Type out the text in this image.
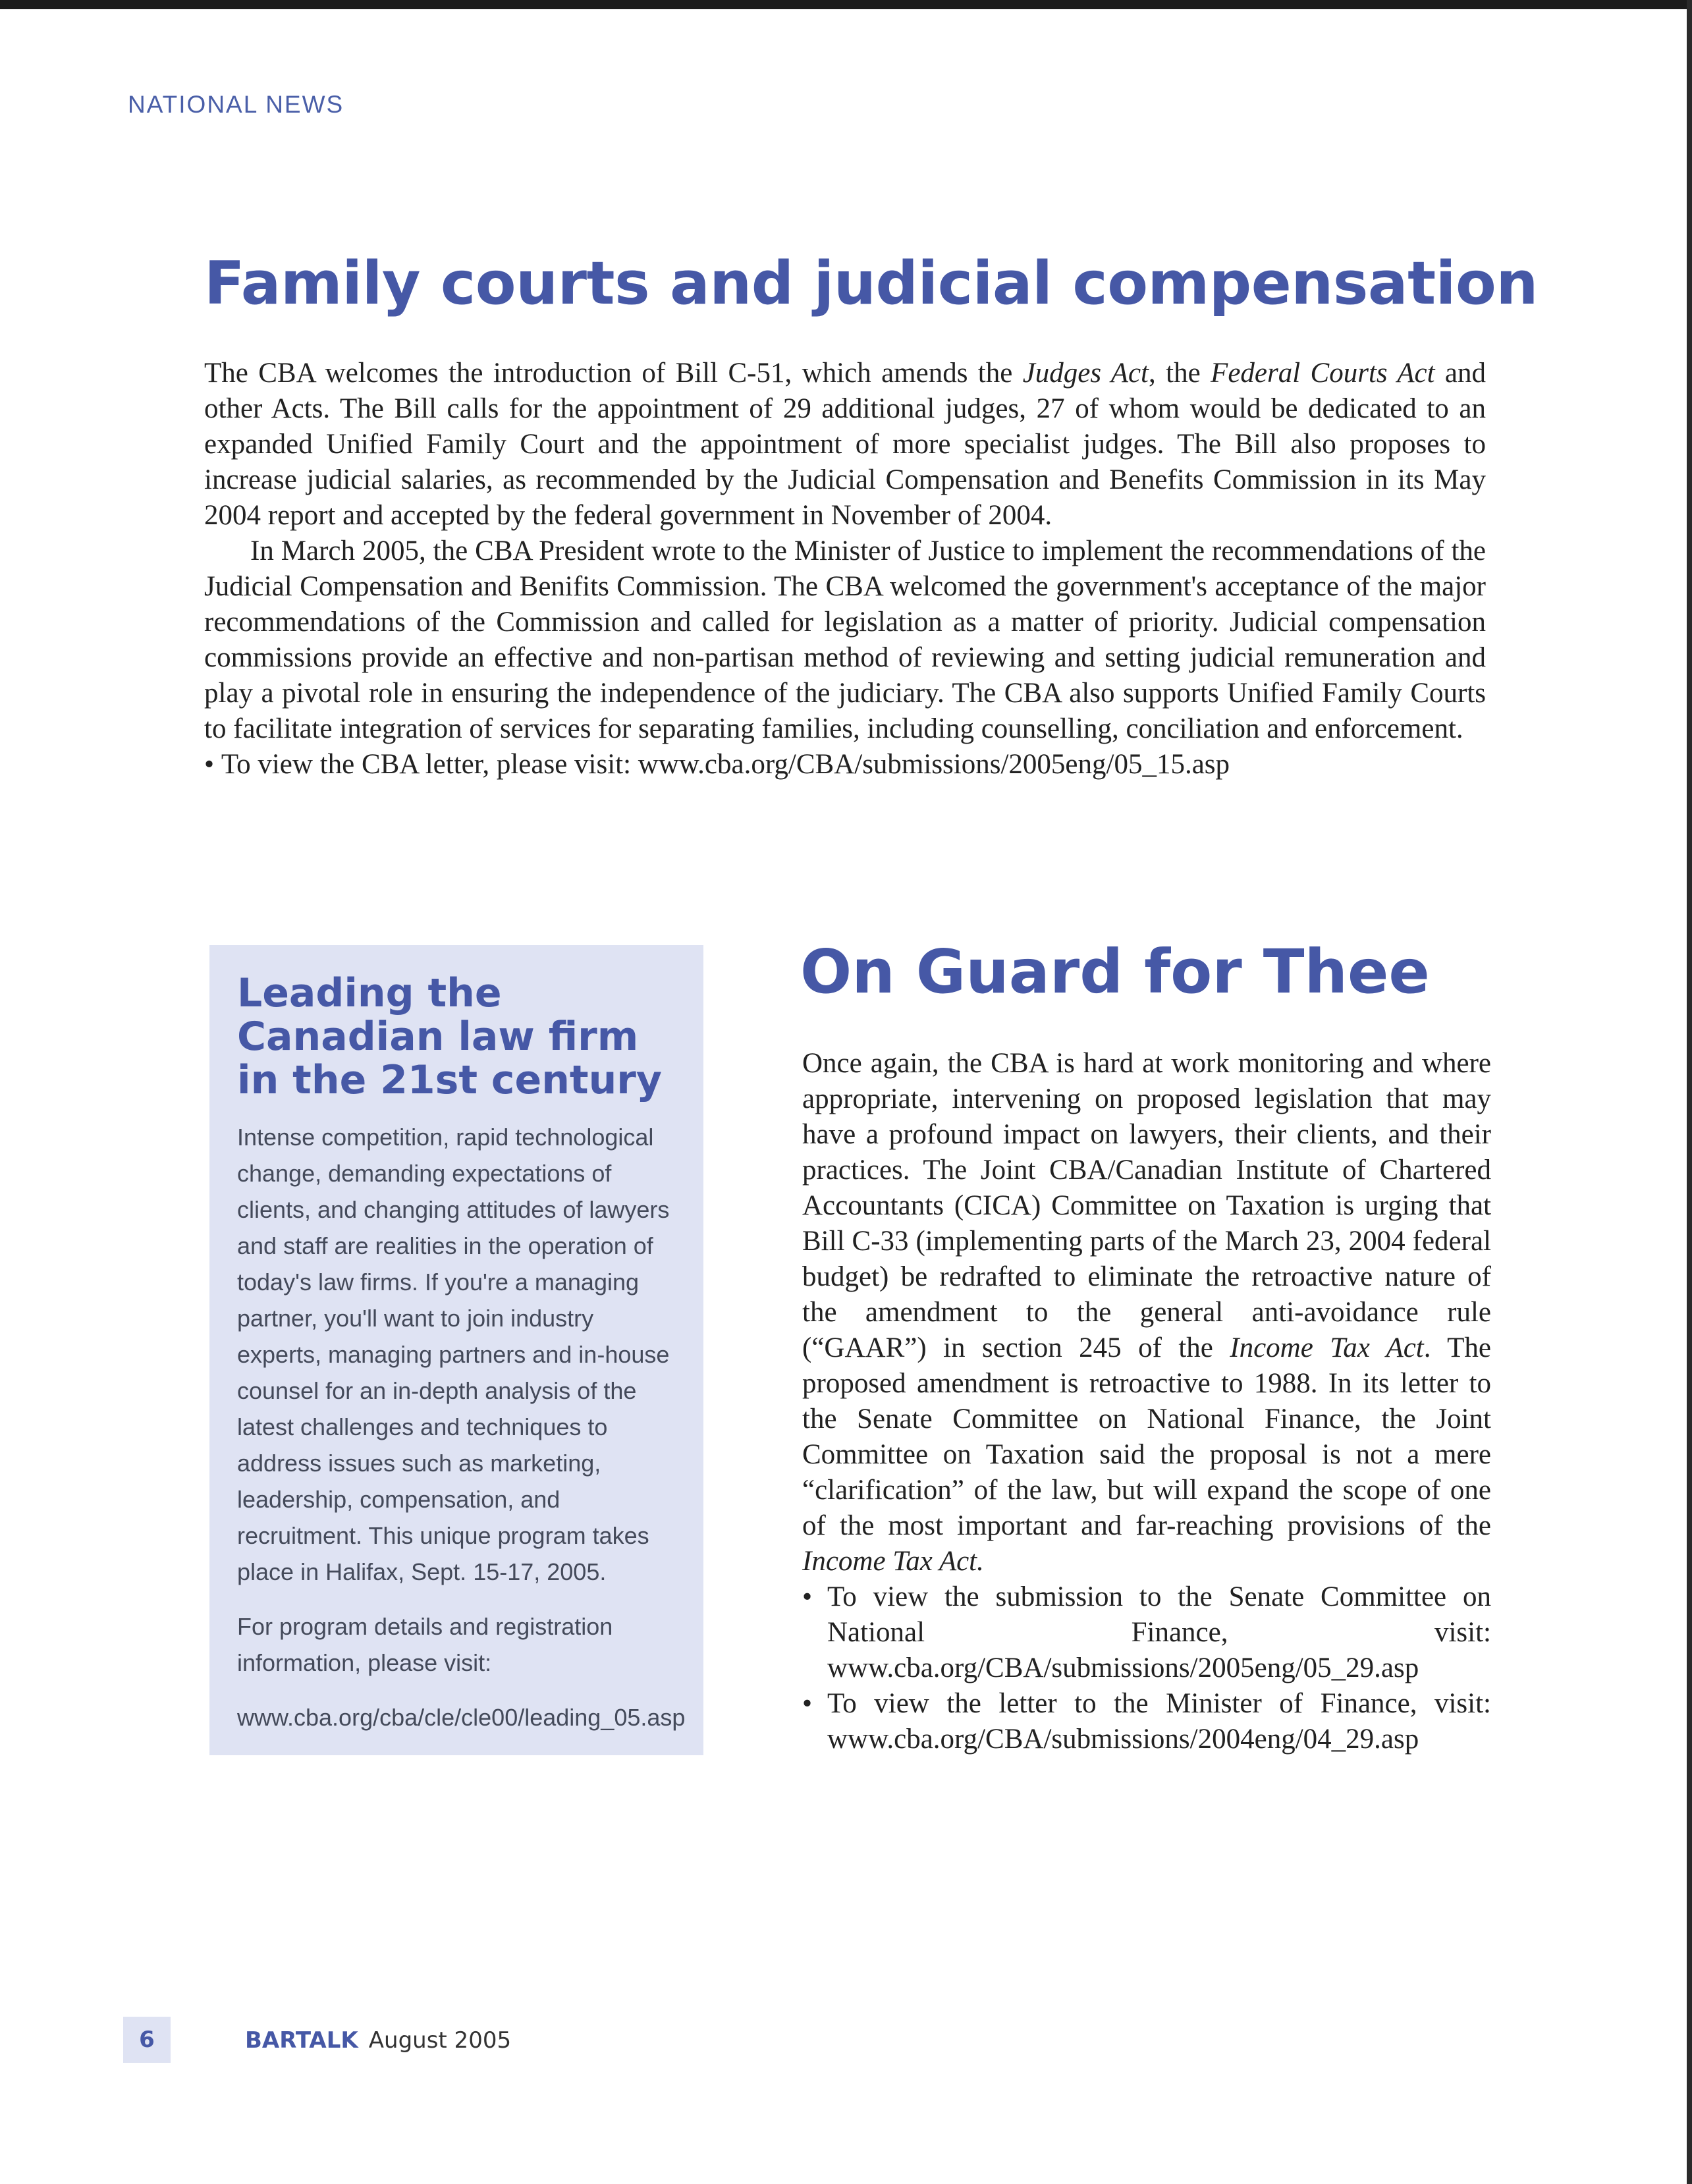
NATIONAL NEWS
Family courts and judicial compensation

The CBA welcomes the introduction of Bill C-51, which amends the Judges Act, the Federal Courts Act and other Acts. The Bill calls for the appointment of 29 additional judges, 27 of whom would be dedicated to an expanded Unified Family Court and the appointment of more specialist judges. The Bill also proposes to increase judicial salaries, as recommended by the Judicial Compensation and Benefits Commission in its May 2004 report and accepted by the federal government in November of 2004.

In March 2005, the CBA President wrote to the Minister of Justice to implement the recommendations of the Judicial Compensation and Benifits Commission. The CBA welcomed the government's acceptance of the major recommendations of the Commission and called for legislation as a matter of priority. Judicial compensation commissions provide an effective and non-partisan method of reviewing and setting judicial remuneration and play a pivotal role in ensuring the independence of the judiciary. The CBA also supports Unified Family Courts to facilitate integration of services for separating families, including counselling, conciliation and enforcement.

• To view the CBA letter, please visit: www.cba.org/CBA/submissions/2005eng/05_15.asp

Leading the Canadian law firm in the 21st century
Intense competition, rapid technological change, demanding expectations of clients, and changing attitudes of lawyers and staff are realities in the operation of today's law firms. If you're a managing partner, you'll want to join industry experts, managing partners and in-house counsel for an in-depth analysis of the latest challenges and techniques to address issues such as marketing, leadership, compensation, and recruitment. This unique program takes place in Halifax, Sept. 15-17, 2005.
For program details and registration information, please visit:
www.cba.org/cba/cle/cle00/leading_05.asp
On Guard for Thee

Once again, the CBA is hard at work monitoring and where appropriate, intervening on proposed legislation that may have a profound impact on lawyers, their clients, and their practices. The Joint CBA/Canadian Institute of Chartered Accountants (CICA) Committee on Taxation is urging that Bill C-33 (implementing parts of the March 23, 2004 federal budget) be redrafted to eliminate the retroactive nature of the amendment to the general anti-avoidance rule (“GAAR”) in section 245 of the Income Tax Act. The proposed amendment is retroactive to 1988. In its letter to the Senate Committee on National Finance, the Joint Committee on Taxation said the proposal is not a mere “clarification” of the law, but will expand the scope of one of the most important and far-reaching provisions of the Income Tax Act.

• To view the submission to the Senate Committee on National Finance, visit: www.cba.org/CBA/submissions/2005eng/05_29.asp
• To view the letter to the Minister of Finance, visit: www.cba.org/CBA/submissions/2004eng/04_29.asp
6	BARTALK August 2005
